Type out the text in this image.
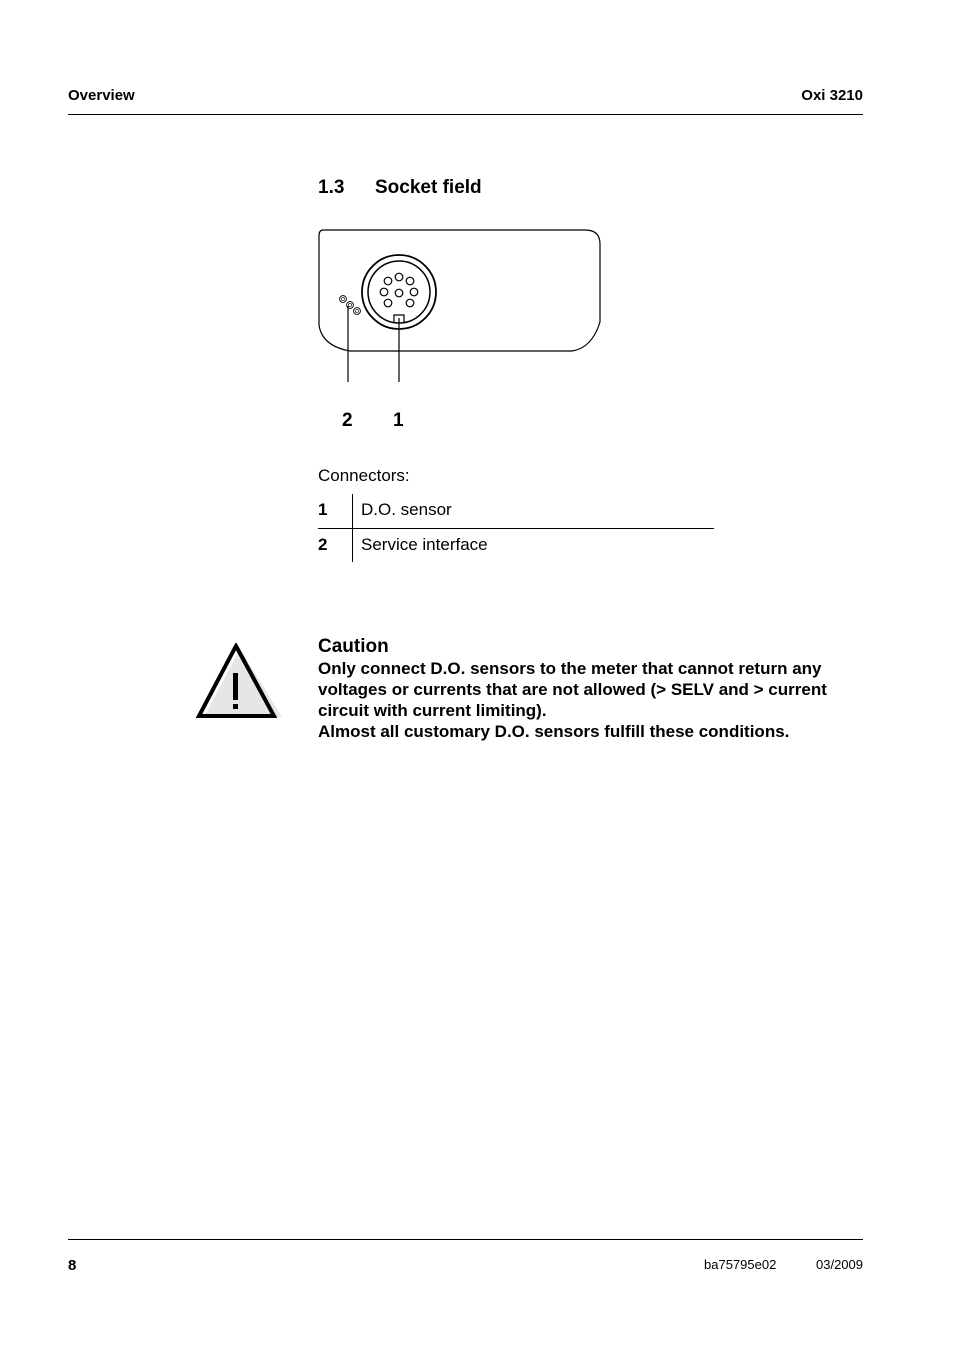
Overview	Oxi 3210
1.3 Socket field
2 1
Connectors:
1 D.O. sensor
2 Service interface
Caution

Only connect D.O. sensors to the meter that cannot return any voltages or currents that are not allowed (> SELV and > current circuit with current limiting).

Almost all customary D.O. sensors fulfill these conditions.

8	ba75795e02	03/2009
